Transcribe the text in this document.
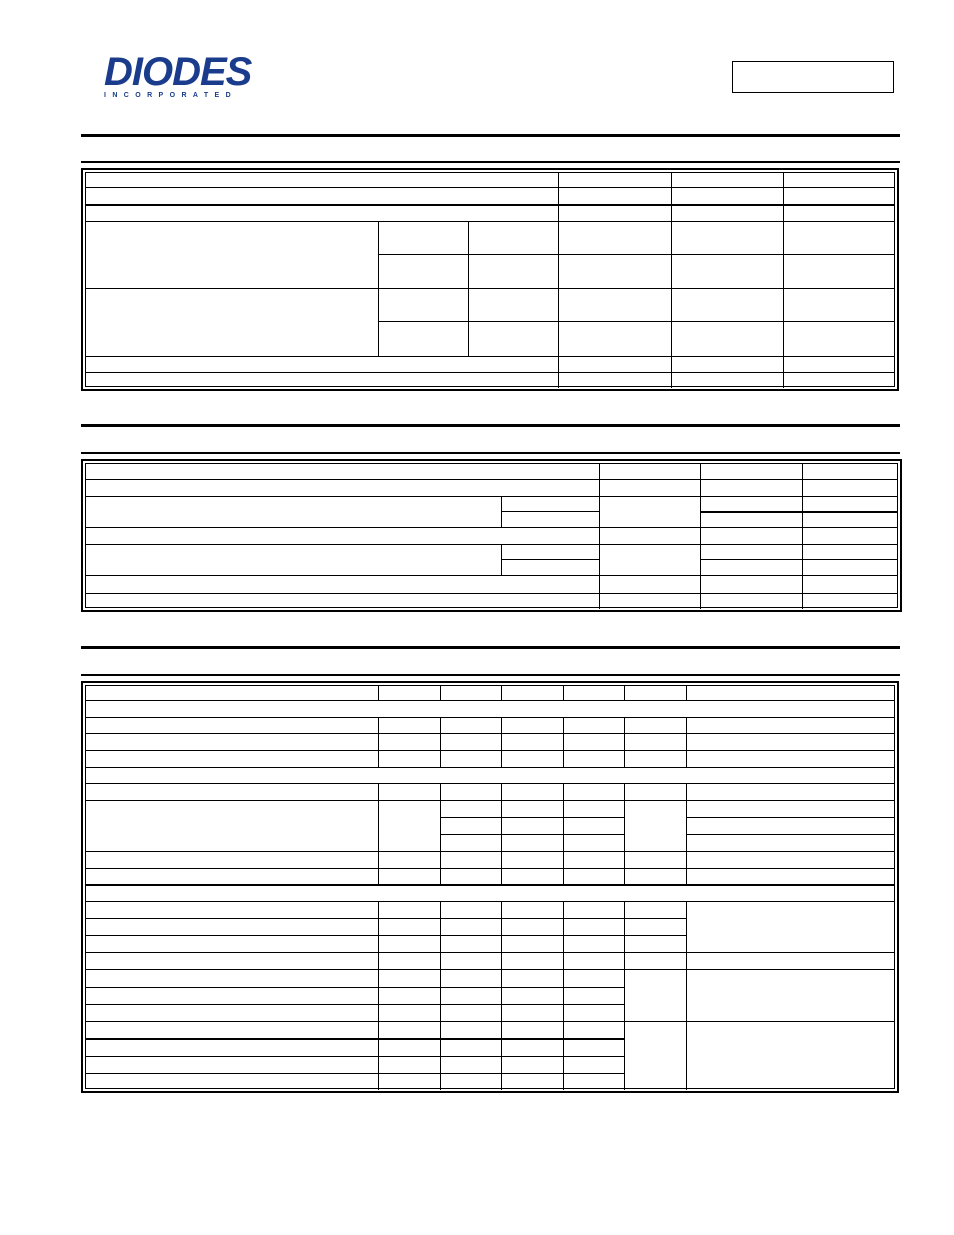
DIODES
INCORPORATED
